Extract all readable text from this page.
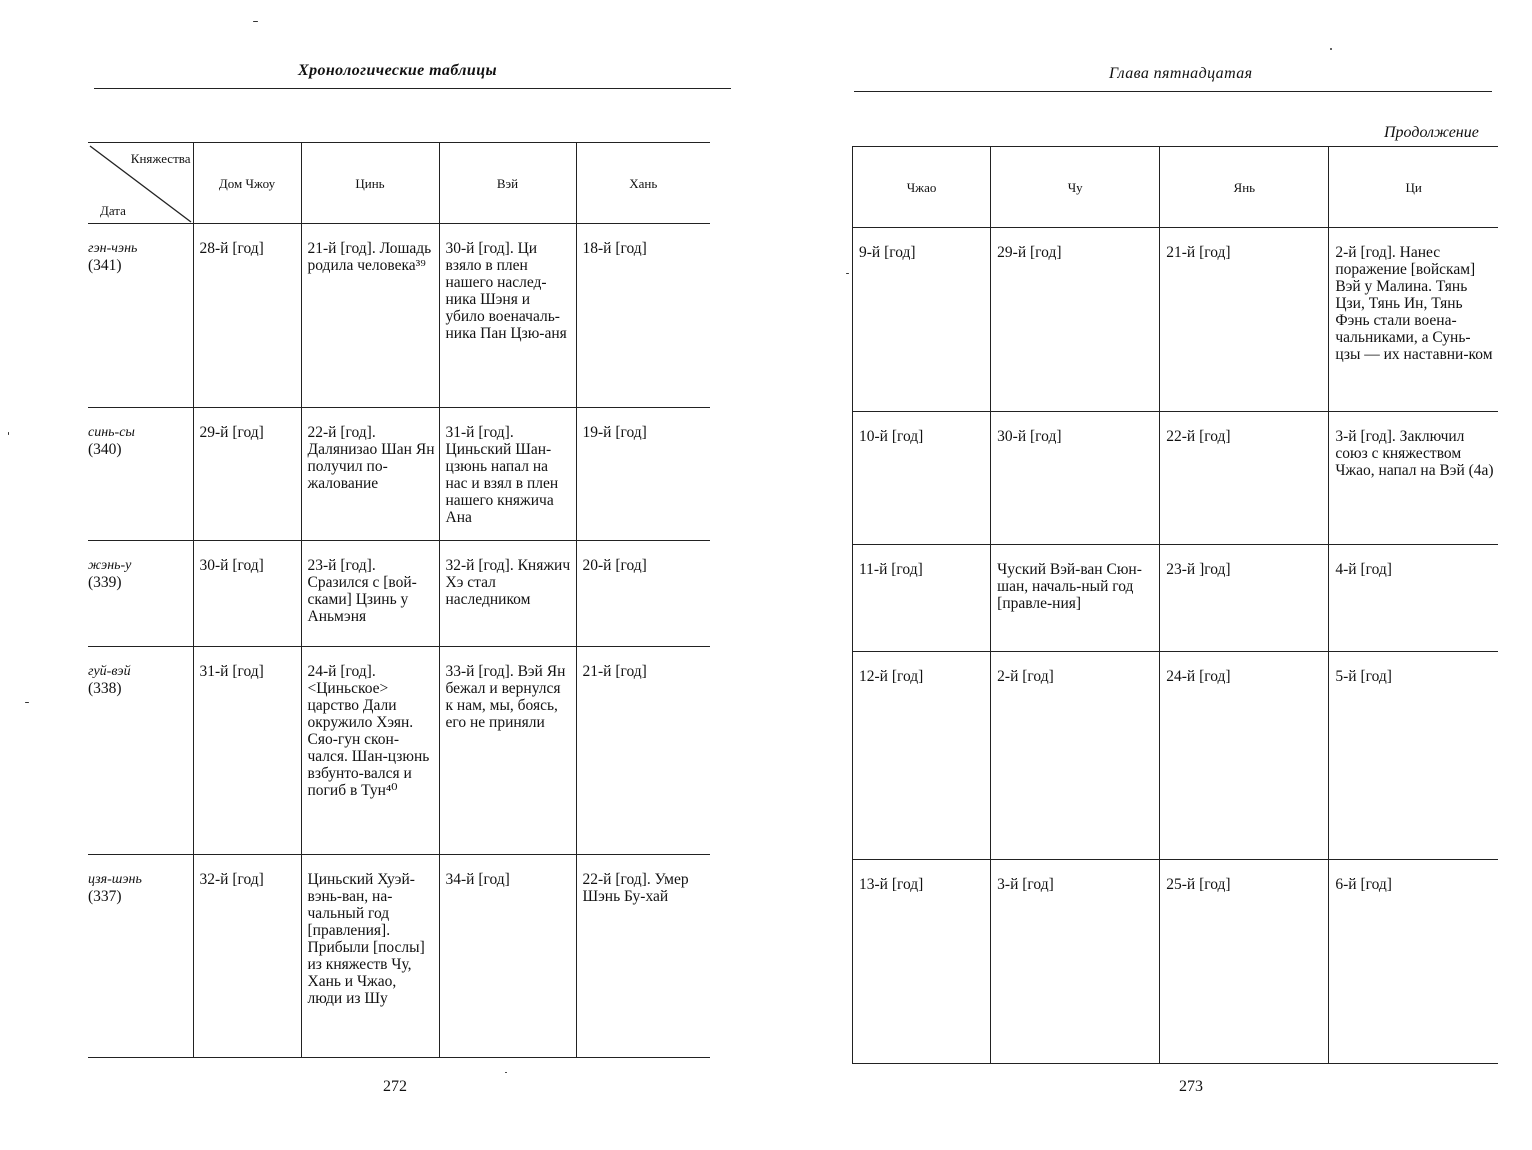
Хронологические таблицы
Княжества
Дата	Дом Чжоу	Цинь	Вэй	Хань

гэн-чэнь
(341)	28-й [год]	21-й [год]. Лошадь родила человека³⁹	30-й [год]. Ци взяло в плен нашего наслед-ника Шэня и убило военачаль-ника Пан Цзю-аня	18-й [год]

синь-сы
(340)	29-й [год]	22-й [год]. Далянизао Шан Ян получил по-жалование	31-й [год]. Циньский Шан-цзюнь напал на нас и взял в плен нашего княжича Ана	19-й [год]

жэнь-у
(339)	30-й [год]	23-й [год]. Сразился с [вой-сками] Цзинь у Аньмэня	32-й [год]. Княжич Хэ стал наследником	20-й [год]

гуй-вэй
(338)	31-й [год]	24-й [год]. <Циньское> царство Дали окружило Хэян. Сяо-гун скон-чался. Шан-цзюнь взбунто-вался и погиб в Тун⁴⁰	33-й [год]. Вэй Ян бежал и вернулся к нам, мы, боясь, его не приняли	21-й [год]

цзя-шэнь
(337)	32-й [год]	Циньский Хуэй-вэнь-ван, на-чальный год [правления]. Прибыли [послы] из княжеств Чу, Хань и Чжао, люди из Шу	34-й [год]	22-й [год]. Умер Шэнь Бу-хай
272
Глава пятнадцатая
Продолжение
Чжао	Чу	Янь	Ци

9-й [год]	29-й [год]	21-й [год]	2-й [год]. Нанес поражение [войскам] Вэй у Малина. Тянь Цзи, Тянь Ин, Тянь Фэнь стали воена-чальниками, а Сунь-цзы — их наставни-ком

10-й [год]	30-й [год]	22-й [год]	3-й [год]. Заключил союз с княжеством Чжао, напал на Вэй (4а)

11-й [год]	Чуский Вэй-ван Сюн-шан, началь-ный год [правле-ния]	23-й ]год]	4-й [год]

12-й [год]	2-й [год]	24-й [год]	5-й [год]

13-й [год]	3-й [год]	25-й [год]	6-й [год]
273
